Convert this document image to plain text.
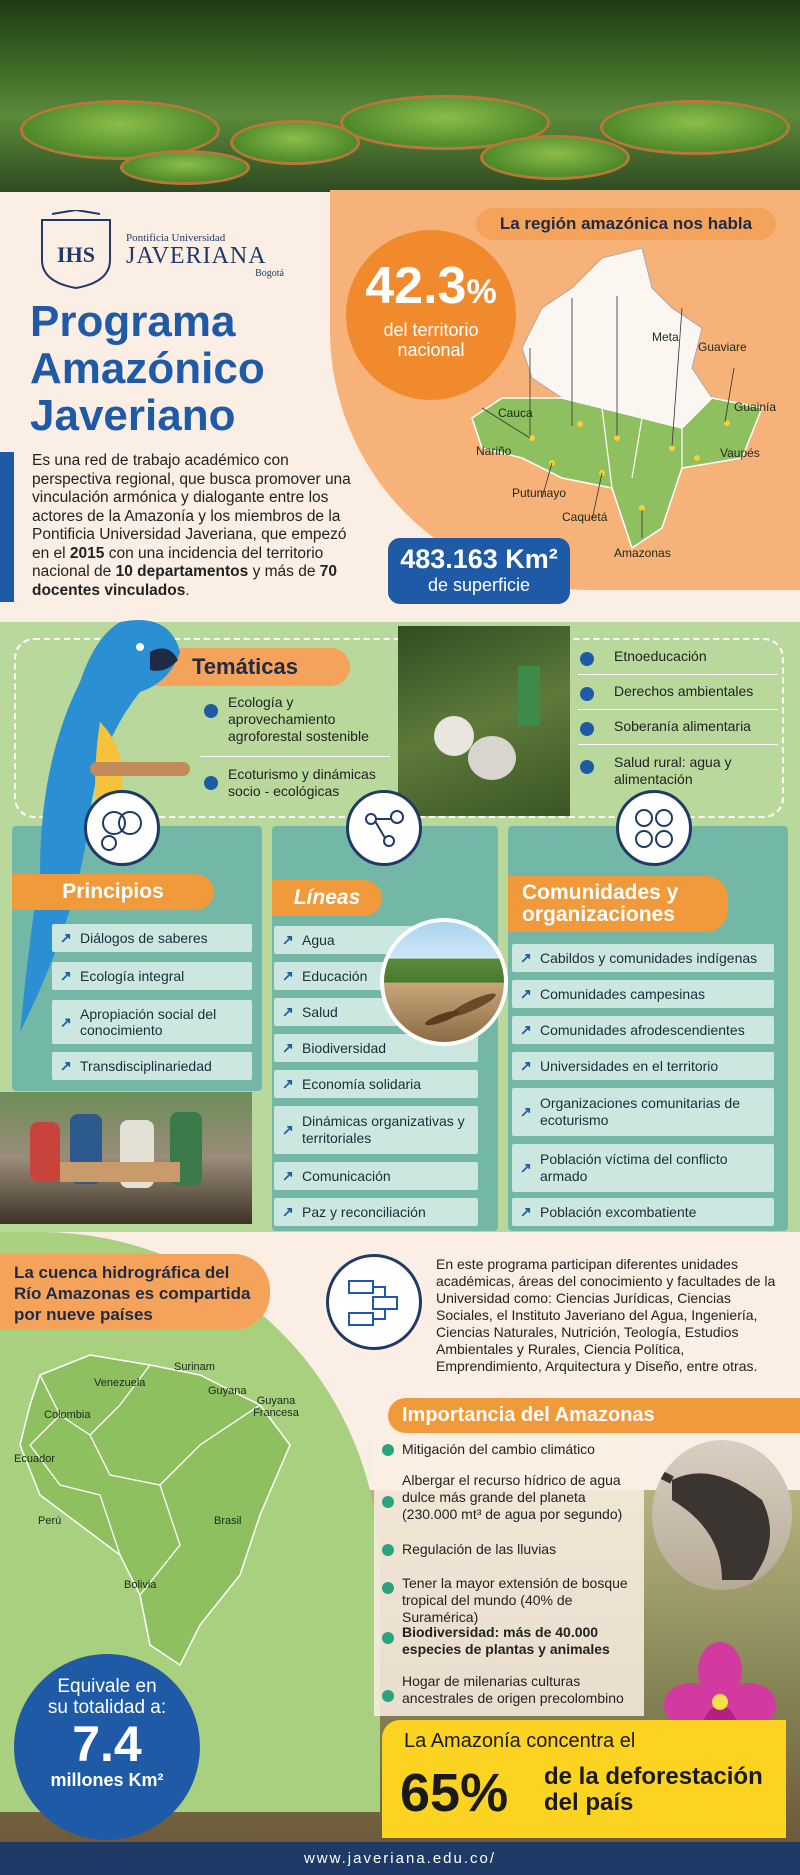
IHS
Pontificia Universidad
JAVERIANA
Bogotá
Programa
Amazónico
Javeriano
Es una red de trabajo académico con perspectiva regional, que busca promover una vinculación armónica y dialogante entre los actores de la Amazonía y los miembros de la Pontificia Universidad Javeriana, que empezó en el 2015 con una incidencia del territorio nacional de 10 departamentos y más de 70 docentes vinculados.
La región amazónica nos habla
Meta
Guaviare
Guainía
Cauca
Nariño	Vaupés
Putumayo
Caquetá
Amazonas
42.3%
del territorio nacional
483.163 Km²
de superficie
Temáticas
Ecología y aprovechamiento agroforestal sostenible
Ecoturismo y dinámicas socio - ecológicas
Etnoeducación
Derechos ambientales
Soberanía alimentaria
Salud rural: agua y alimentación
Principios
↗ Diálogos de saberes
↗ Ecología integral
↗ Apropiación social del conocimiento
↗ Transdisciplinariedad
Líneas
↗ Agua
↗ Educación
↗ Salud
↗ Biodiversidad
↗ Economía solidaria
↗
Dinámicas organizativas y territoriales
↗ Comunicación
↗ Paz y reconciliación
Comunidades y organizaciones
↗ Cabildos y comunidades indígenas
↗ Comunidades campesinas
↗ Comunidades afrodescendientes
↗ Universidades en el territorio
↗
Organizaciones comunitarias de ecoturismo
↗
Población víctima del conflicto armado
↗ Población excombatiente
La cuenca hidrográfica del Río Amazonas es compartida por nueve países
Surinam
Venezuela
Guyana
Guyana Francesa
Colombia
Ecuador
Perú	Brasil
Bolivia
Equivale en
su totalidad a:
7.4
millones Km²
En este programa participan diferentes unidades académicas, áreas del conocimiento y facultades de la Universidad como: Ciencias Jurídicas, Ciencias Sociales, el Instituto Javeriano del Agua, Ingeniería, Ciencias Naturales, Nutrición, Teología, Estudios Ambientales y Rurales, Ciencia Política, Emprendimiento, Arquitectura y Diseño, entre otras.
Importancia del Amazonas
Mitigación del cambio climático
Albergar el recurso hídrico de agua dulce más grande del planeta (230.000 mt³ de agua por segundo)
Regulación de las lluvias
Tener la mayor extensión de bosque tropical del mundo (40% de Suramérica)
Biodiversidad: más de 40.000 especies de plantas y animales
Hogar de milenarias culturas ancestrales de origen precolombino
La Amazonía concentra el
65% de la deforestación
del país
www.javeriana.edu.co/
